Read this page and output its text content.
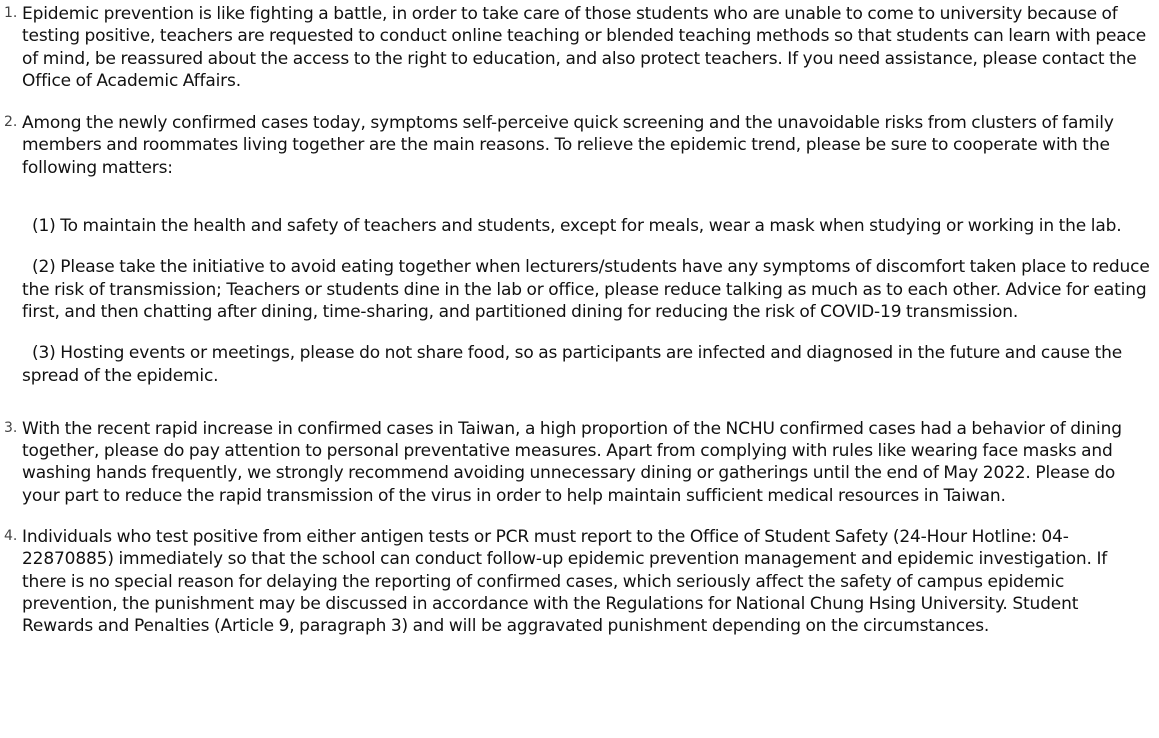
1. Epidemic prevention is like fighting a battle, in order to take care of those students who are unable to come to university because of testing positive, teachers are requested to conduct online teaching or blended teaching methods so that students can learn with peace of mind, be reassured about the access to the right to education, and also protect teachers. If you need assistance, please contact the Office of Academic Affairs.

2. Among the newly confirmed cases today, symptoms self-perceive quick screening and the unavoidable risks from clusters of family members and roommates living together are the main reasons. To relieve the epidemic trend, please be sure to cooperate with the following matters:

(1) To maintain the health and safety of teachers and students, except for meals, wear a mask when studying or working in the lab.

(2) Please take the initiative to avoid eating together when lecturers/students have any symptoms of discomfort taken place to reduce the risk of transmission; Teachers or students dine in the lab or office, please reduce talking as much as to each other. Advice for eating first, and then chatting after dining, time-sharing, and partitioned dining for reducing the risk of COVID-19 transmission.

(3) Hosting events or meetings, please do not share food, so as participants are infected and diagnosed in the future and cause the spread of the epidemic.

3. With the recent rapid increase in confirmed cases in Taiwan, a high proportion of the NCHU confirmed cases had a behavior of dining together, please do pay attention to personal preventative measures. Apart from complying with rules like wearing face masks and washing hands frequently, we strongly recommend avoiding unnecessary dining or gatherings until the end of May 2022. Please do your part to reduce the rapid transmission of the virus in order to help maintain sufficient medical resources in Taiwan.

4. Individuals who test positive from either antigen tests or PCR must report to the Office of Student Safety (24-Hour Hotline: 04-22870885) immediately so that the school can conduct follow-up epidemic prevention management and epidemic investigation. If there is no special reason for delaying the reporting of confirmed cases, which seriously affect the safety of campus epidemic prevention, the punishment may be discussed in accordance with the Regulations for National Chung Hsing University. Student Rewards and Penalties (Article 9, paragraph 3) and will be aggravated punishment depending on the circumstances.
